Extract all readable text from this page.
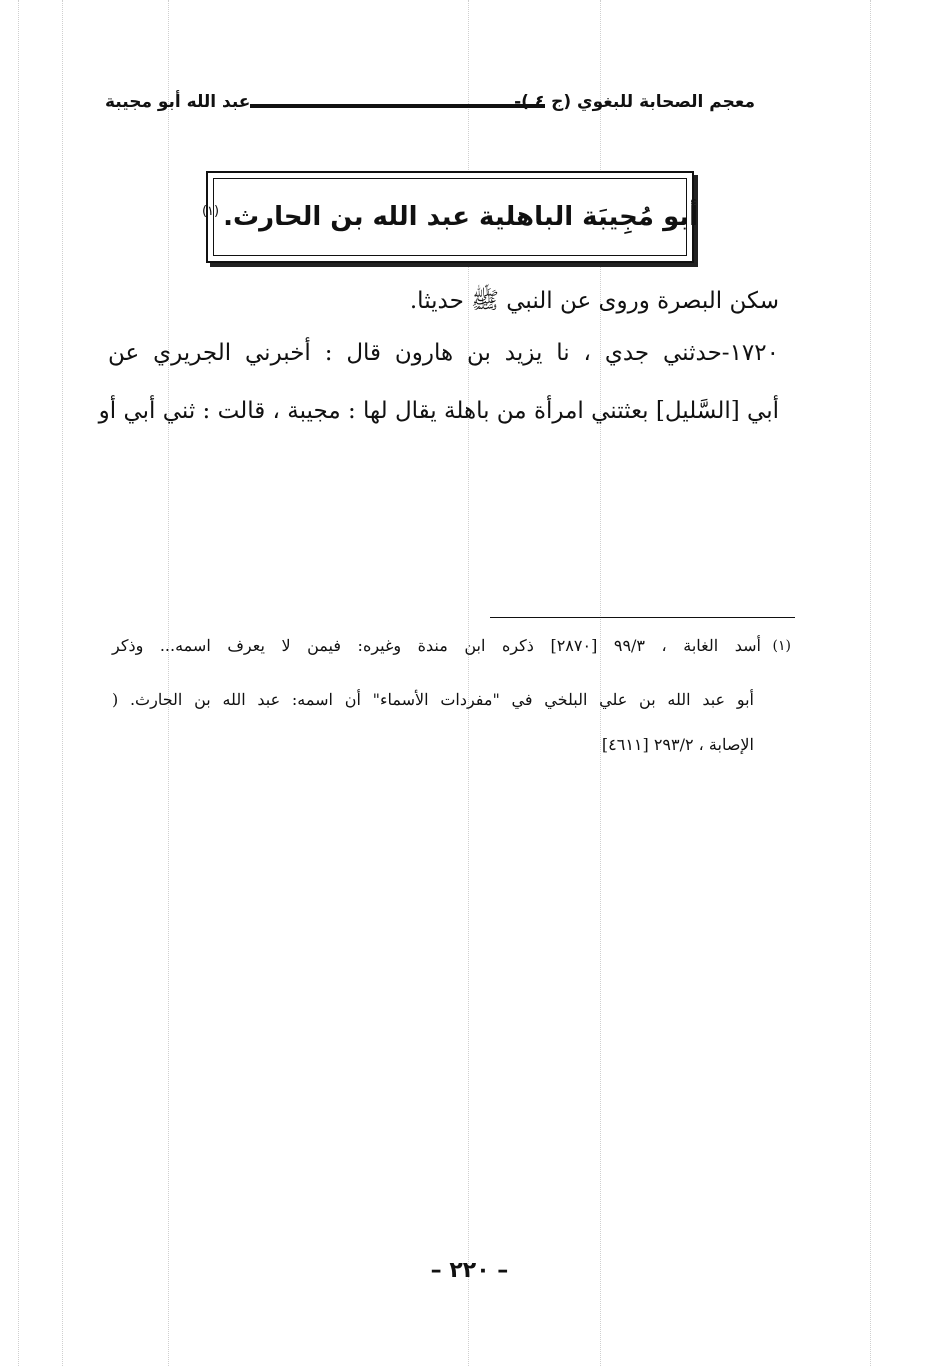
معجم الصحابة للبغوي (ج ٤ )-
عبد الله أبو مجيبة
أبو مُجِيبَة الباهلية عبد الله بن الحارث.$^{(١)}$
سكن البصرة وروى عن النبي ﷺ حديثا.
١٧٢٠-حدثني جدي ، نا يزيد بن هارون قال : أخبرني الجريري عن
أبي [السَّليل] بعثتني امرأة من باهلة يقال لها : مجيبة ، قالت : ثني أبي أو
(١)
أسد الغابة ، ٩٩/٣ [٢٨٧٠] ذكره ابن مندة وغيره: فيمن لا يعرف اسمه... وذكر
أبو عبد الله بن علي البلخي في "مفردات الأسماء" أن اسمه: عبد الله بن الحارث. (
الإصابة ، ٢٩٣/٢ [٤٦١١]
– ٢٢٠ –
